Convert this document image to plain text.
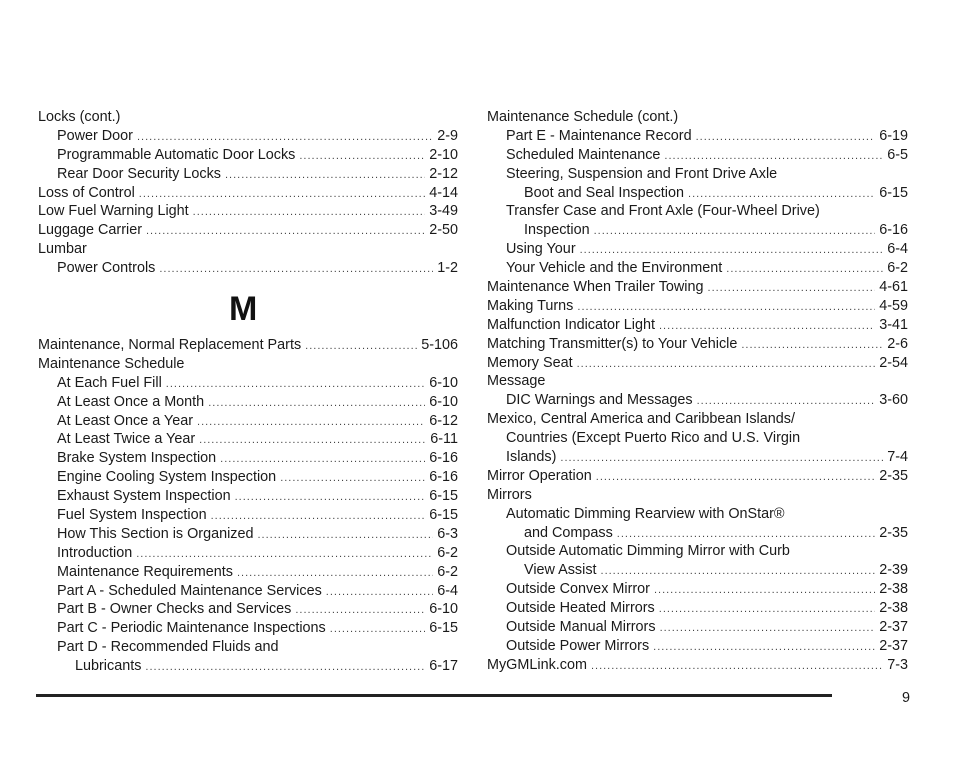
Locks (cont.)
Power Door .....	2-9
Programmable Automatic Door Locks .....	2-10
Rear Door Security Locks .....	2-12
Loss of Control .....	4-14
Low Fuel Warning Light .....	3-49
Luggage Carrier .....	2-50
Lumbar
Power Controls .....	1-2
M
Maintenance, Normal Replacement Parts .....	5-106
Maintenance Schedule
At Each Fuel Fill .....	6-10
At Least Once a Month .....	6-10
At Least Once a Year .....	6-12
At Least Twice a Year .....	6-11
Brake System Inspection .....	6-16
Engine Cooling System Inspection .....	6-16
Exhaust System Inspection .....	6-15
Fuel System Inspection .....	6-15
How This Section is Organized .....	6-3
Introduction .....	6-2
Maintenance Requirements .....	6-2
Part A - Scheduled Maintenance Services .....	6-4
Part B - Owner Checks and Services .....	6-10
Part C - Periodic Maintenance Inspections .....	6-15
Part D - Recommended Fluids and
Lubricants .....	6-17
Maintenance Schedule (cont.)
Part E - Maintenance Record .....	6-19
Scheduled Maintenance .....	6-5
Steering, Suspension and Front Drive Axle
Boot and Seal Inspection .....	6-15
Transfer Case and Front Axle (Four-Wheel Drive)
Inspection .....	6-16
Using Your .....	6-4
Your Vehicle and the Environment .....	6-2
Maintenance When Trailer Towing .....	4-61
Making Turns .....	4-59
Malfunction Indicator Light .....	3-41
Matching Transmitter(s) to Your Vehicle .....	2-6
Memory Seat .....	2-54
Message
DIC Warnings and Messages .....	3-60
Mexico, Central America and Caribbean Islands/
Countries (Except Puerto Rico and U.S. Virgin
Islands) .....	7-4
Mirror Operation .....	2-35
Mirrors
Automatic Dimming Rearview with OnStar®
and Compass .....	2-35
Outside Automatic Dimming Mirror with Curb
View Assist .....	2-39
Outside Convex Mirror .....	2-38
Outside Heated Mirrors .....	2-38
Outside Manual Mirrors .....	2-37
Outside Power Mirrors .....	2-37
MyGMLink.com .....	7-3
9
